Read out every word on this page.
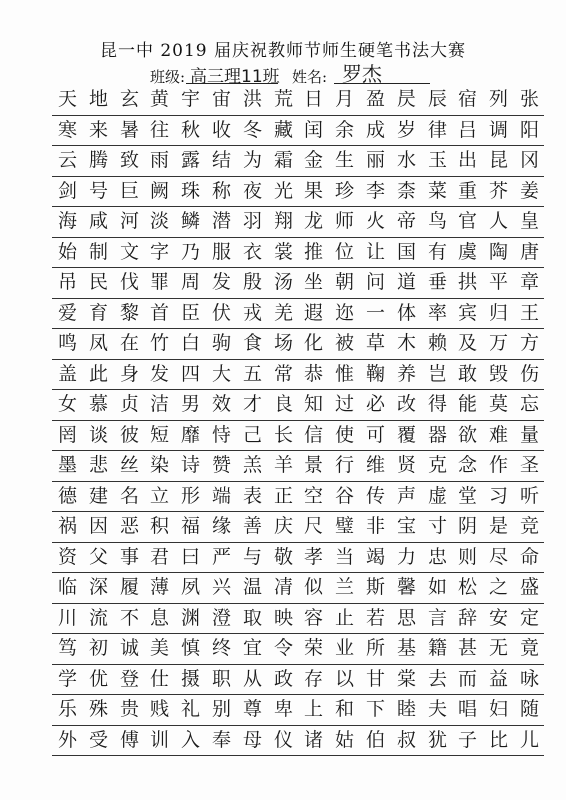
昆一中 2019 届庆祝教师节师生硬笔书法大赛
班级: 高三理11班 姓名: 罗杰
天 地 玄 黄 宇 宙 洪 荒 日 月 盈 昃 辰 宿 列 张
寒 来 暑 往 秋 收 冬 藏 闰 余 成 岁 律 吕 调 阳
云 腾 致 雨 露 结 为 霜 金 生 丽 水 玉 出 昆 冈
剑 号 巨 阙 珠 称 夜 光 果 珍 李 柰 菜 重 芥 姜
海 咸 河 淡 鳞 潜 羽 翔 龙 师 火 帝 鸟 官 人 皇
始 制 文 字 乃 服 衣 裳 推 位 让 国 有 虞 陶 唐
吊 民 伐 罪 周 发 殷 汤 坐 朝 问 道 垂 拱 平 章
爱 育 黎 首 臣 伏 戎 羌 遐 迩 一 体 率 宾 归 王
鸣 凤 在 竹 白 驹 食 场 化 被 草 木 赖 及 万 方
盖 此 身 发 四 大 五 常 恭 惟 鞠 养 岂 敢 毁 伤
女 慕 贞 洁 男 效 才 良 知 过 必 改 得 能 莫 忘
罔 谈 彼 短 靡 恃 己 长 信 使 可 覆 器 欲 难 量
墨 悲 丝 染 诗 赞 羔 羊 景 行 维 贤 克 念 作 圣
德 建 名 立 形 端 表 正 空 谷 传 声 虚 堂 习 听
祸 因 恶 积 福 缘 善 庆 尺 璧 非 宝 寸 阴 是 竞
资 父 事 君 曰 严 与 敬 孝 当 竭 力 忠 则 尽 命
临 深 履 薄 夙 兴 温 凊 似 兰 斯 馨 如 松 之 盛
川 流 不 息 渊 澄 取 映 容 止 若 思 言 辞 安 定
笃 初 诚 美 慎 终 宜 令 荣 业 所 基 籍 甚 无 竟
学 优 登 仕 摄 职 从 政 存 以 甘 棠 去 而 益 咏
乐 殊 贵 贱 礼 别 尊 卑 上 和 下 睦 夫 唱 妇 随
外 受 傅 训 入 奉 母 仪 诸 姑 伯 叔 犹 子 比 儿
